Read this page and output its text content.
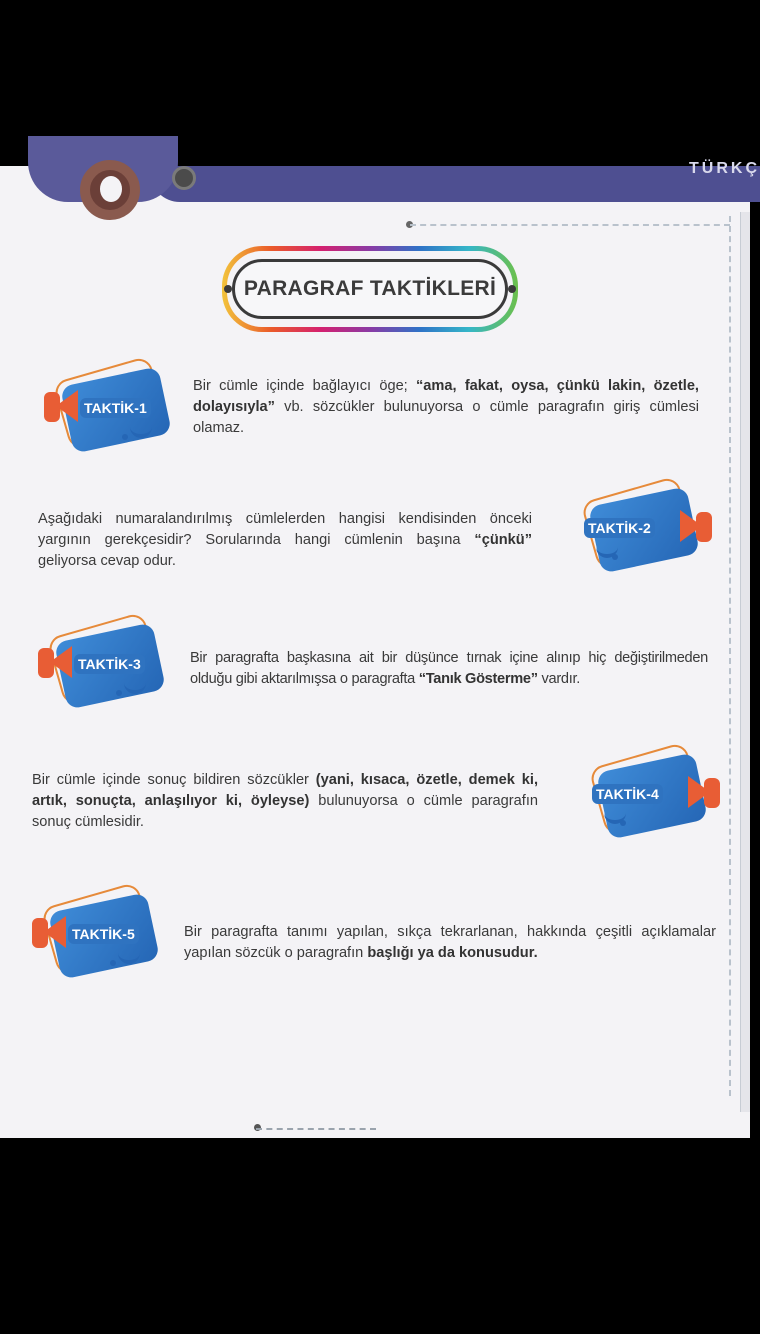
TÜRKÇ
PARAGRAF TAKTİKLERİ
TAKTİK-1

Bir cümle içinde bağlayıcı öge; “ama, fakat, oysa, çünkü lakin, özetle, dolayısıyla” vb. sözcükler bulunuyorsa o cümle paragrafın giriş cümlesi olamaz.

Aşağıdaki numaralandırılmış cümlelerden hangisi kendisinden önceki yargının gerekçesidir? Sorularında hangi cümlenin başına “çünkü” geliyorsa cevap odur.

TAKTİK-2
TAKTİK-3	Bir paragrafta başkasına ait bir düşünce tırnak içine alınıp hiç değiştirilmeden olduğu gibi aktarılmışsa o paragrafta “Tanık Gösterme” vardır.

Bir cümle içinde sonuç bildiren sözcükler (yani, kısaca, özetle, demek ki, artık, sonuçta, anlaşılıyor ki, öyleyse) bulunuyorsa o cümle paragrafın sonuç cümlesidir.

TAKTİK-4
TAKTİK-5	Bir paragrafta tanımı yapılan, sıkça tekrarlanan, hakkında çeşitli açıklamalar yapılan sözcük o paragrafın başlığı ya da konusudur.
